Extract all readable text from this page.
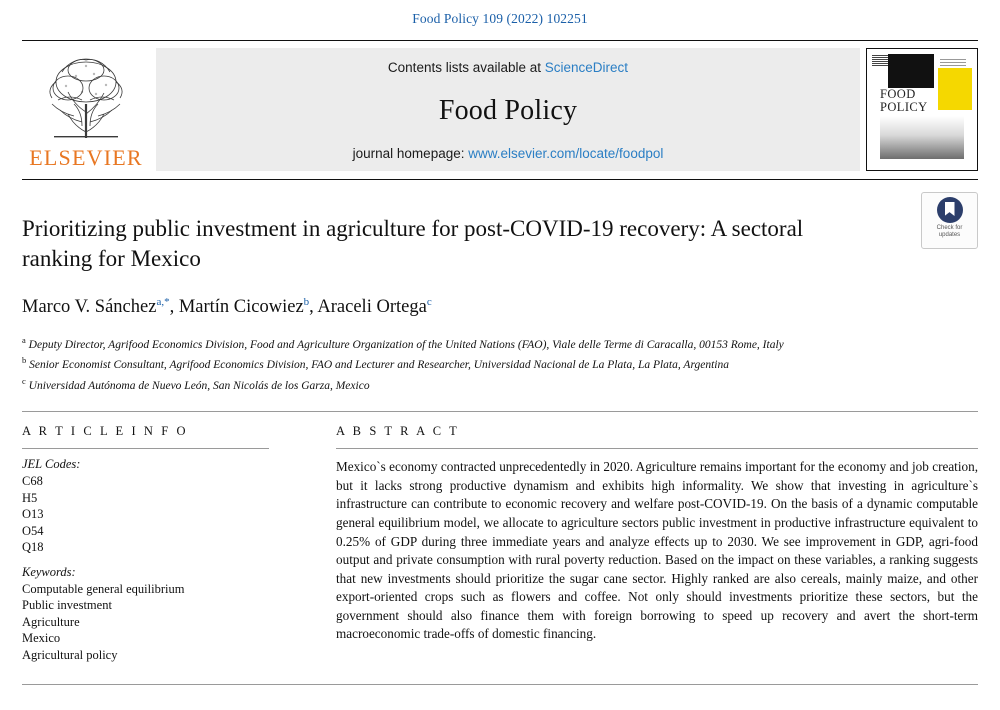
Food Policy 109 (2022) 102251
ELSEVIER
Contents lists available at ScienceDirect
Food Policy
journal homepage: www.elsevier.com/locate/foodpol
FOOD
POLICY
Prioritizing public investment in agriculture for post-COVID-19 recovery: A sectoral ranking for Mexico
Check for
updates
Marco V. Sánchez$^{a,*}$, Martín Cicowiez$^b$, Araceli Ortega$^c$
$^a$ Deputy Director, Agrifood Economics Division, Food and Agriculture Organization of the United Nations (FAO), Viale delle Terme di Caracalla, 00153 Rome, Italy
$^b$ Senior Economist Consultant, Agrifood Economics Division, FAO and Lecturer and Researcher, Universidad Nacional de La Plata, La Plata, Argentina
$^c$ Universidad Autónoma de Nuevo León, San Nicolás de los Garza, Mexico
A R T I C L E I N F O
JEL Codes:
C68
H5
O13
O54
Q18
Keywords:
Computable general equilibrium
Public investment
Agriculture
Mexico
Agricultural policy
A B S T R A C T
Mexico`s economy contracted unprecedentedly in 2020. Agriculture remains important for the economy and job creation, but it lacks strong productive dynamism and exhibits high informality. We show that investing in agriculture`s infrastructure can contribute to economic recovery and welfare post-COVID-19. On the basis of a dynamic computable general equilibrium model, we allocate to agriculture sectors public investment in productive infrastructure equivalent to 0.25% of GDP during three immediate years and analyze effects up to 2030. We see improvement in GDP, agri-food output and private consumption with rural poverty reduction. Based on the impact on these variables, a ranking suggests that new investments should prioritize the sugar cane sector. Highly ranked are also cereals, mainly maize, and other export-oriented crops such as flowers and coffee. Not only should investments prioritize these sectors, but the government should also finance them with foreign borrowing to speed up recovery and avert the short-term macroeconomic trade-offs of domestic financing.
